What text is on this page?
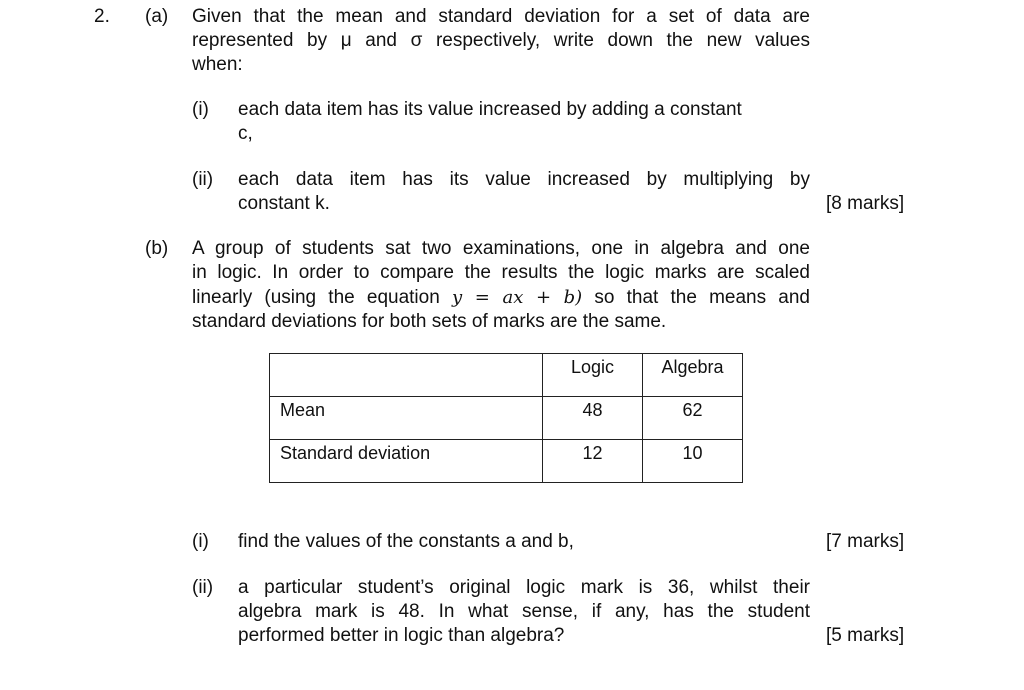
2. (a) Given that the mean and standard deviation for a set of data are
represented by μ and σ respectively, write down the new values
when:
(i) each data item has its value increased by adding a constant
c,
(ii) each data item has its value increased by multiplying by
constant k.	[8 marks]
(b) A group of students sat two examinations, one in algebra and one
in logic. In order to compare the results the logic marks are scaled
linearly (using the equation y = ax + b) so that the means and
standard deviations for both sets of marks are the same.
	Logic	Algebra
Mean	48	62
Standard deviation	12	10
(i) find the values of the constants a and b,	[7 marks]
(ii) a particular student’s original logic mark is 36, whilst their
algebra mark is 48. In what sense, if any, has the student
performed better in logic than algebra?	[5 marks]
